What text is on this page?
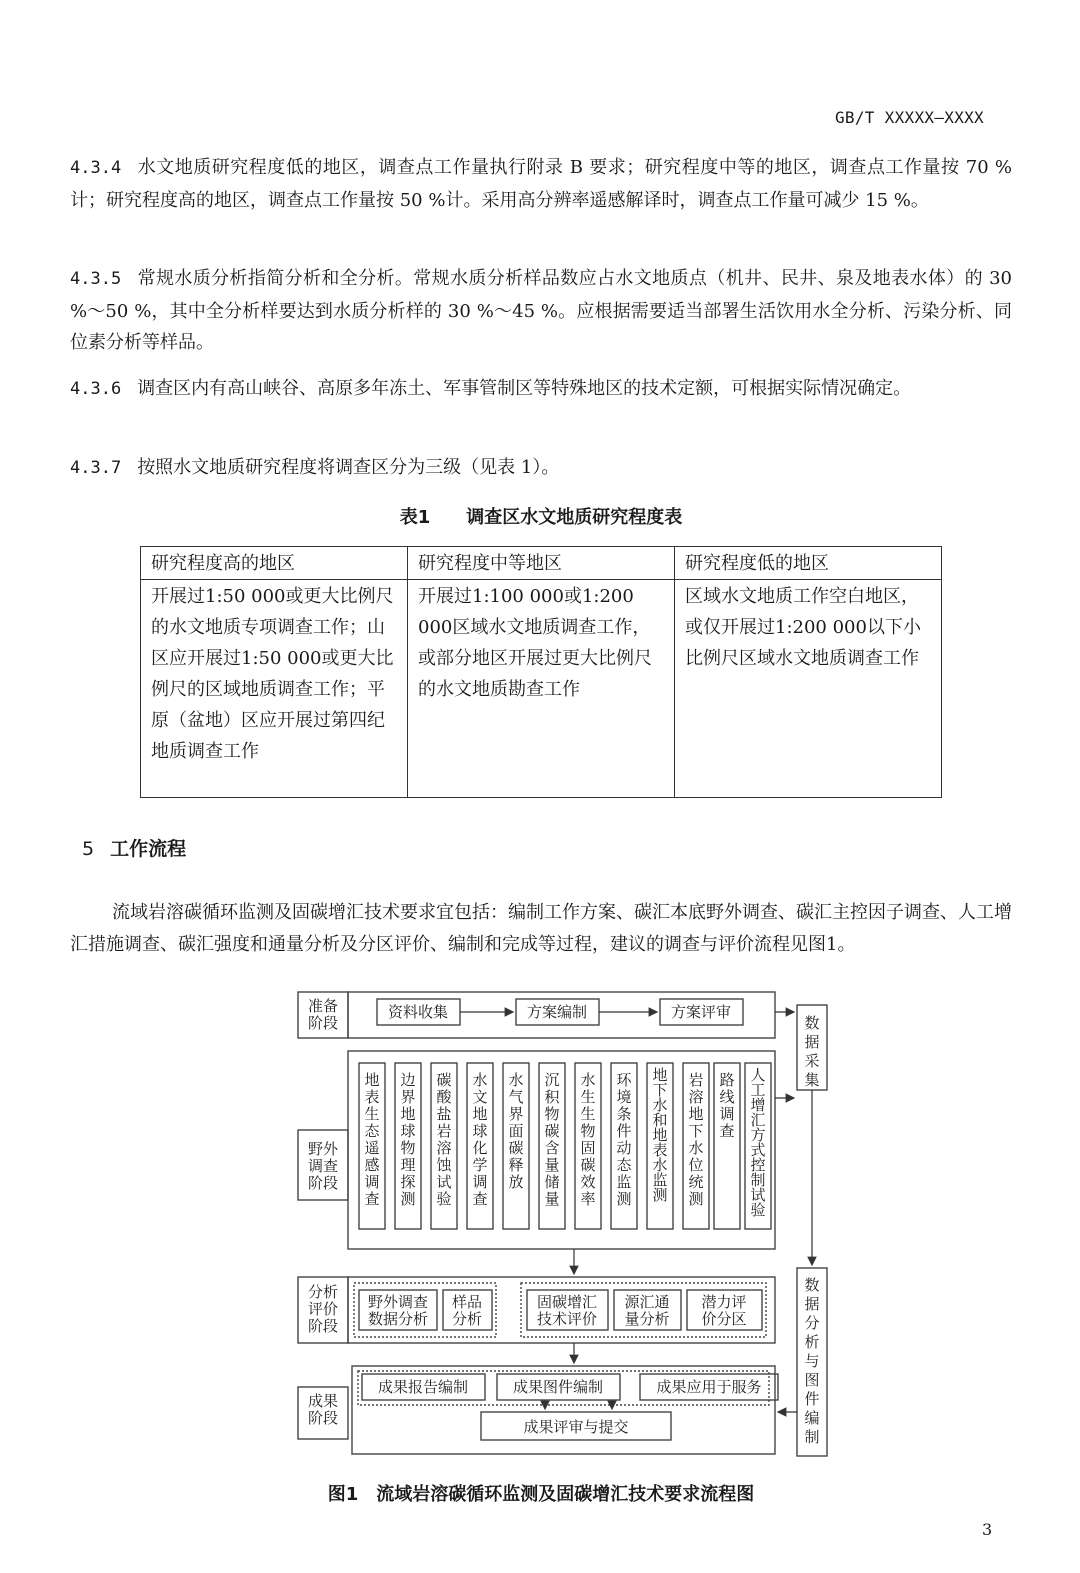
GB/T XXXXX—XXXX
4.3.4 水文地质研究程度低的地区，调查点工作量执行附录 B 要求；研究程度中等的地区，调查点工作量按 70 %计；研究程度高的地区，调查点工作量按 50 %计。采用高分辨率遥感解译时，调查点工作量可减少 15 %。
4.3.5 常规水质分析指简分析和全分析。常规水质分析样品数应占水文地质点（机井、民井、泉及地表水体）的 30 %～50 %，其中全分析样要达到水质分析样的 30 %～45 %。应根据需要适当部署生活饮用水全分析、污染分析、同位素分析等样品。
4.3.6 调查区内有高山峡谷、高原多年冻土、军事管制区等特殊地区的技术定额，可根据实际情况确定。
4.3.7 按照水文地质研究程度将调查区分为三级（见表 1）。
表1　　调查区水文地质研究程度表
研究程度高的地区	研究程度中等地区	研究程度低的地区
开展过1:50 000或更大比例尺的水文地质专项调查工作；山区应开展过1:50 000或更大比例尺的区域地质调查工作；平原（盆地）区应开展过第四纪地质调查工作	开展过1:100 000或1:200 000区域水文地质调查工作，或部分地区开展过更大比例尺的水文地质勘查工作	区域水文地质工作空白地区，或仅开展过1:200 000以下小比例尺区域水文地质调查工作
5 工作流程
流域岩溶碳循环监测及固碳增汇技术要求宜包括：编制工作方案、碳汇本底野外调查、碳汇主控因子调查、人工增汇措施调查、碳汇强度和通量分析及分区评价、编制和完成等过程，建议的调查与评价流程见图1。
准备阶段
野外调查阶段
分析评价阶段
成果阶段
资料收集	方案编制	方案评审
地
表
生
态
遥
感
调
查
边
界
地
球
物
理
探
测
碳
酸
盐
岩
溶
蚀
试
验
水
文
地
球
化
学
调
查
水
气
界
面
碳
释
放
沉
积
物
碳
含
量
储
量
水
生
生
物
固
碳
效
率
环
境
条
件
动
态
监
测
地
下
水
和
地
表
水
监
测
岩
溶
地
下
水
位
统
测
路
线
调
查
人
工
增
汇
方
式
控
制
试
验
野外调查数据分析
样品分析
固碳增汇技术评价
源汇通量分析
潜力评价分区
成果报告编制	成果图件编制	成果应用于服务
成果评审与提交
数
据
采
集
数
据
分
析
与
图
件
编
制
图1　流域岩溶碳循环监测及固碳增汇技术要求流程图
3
